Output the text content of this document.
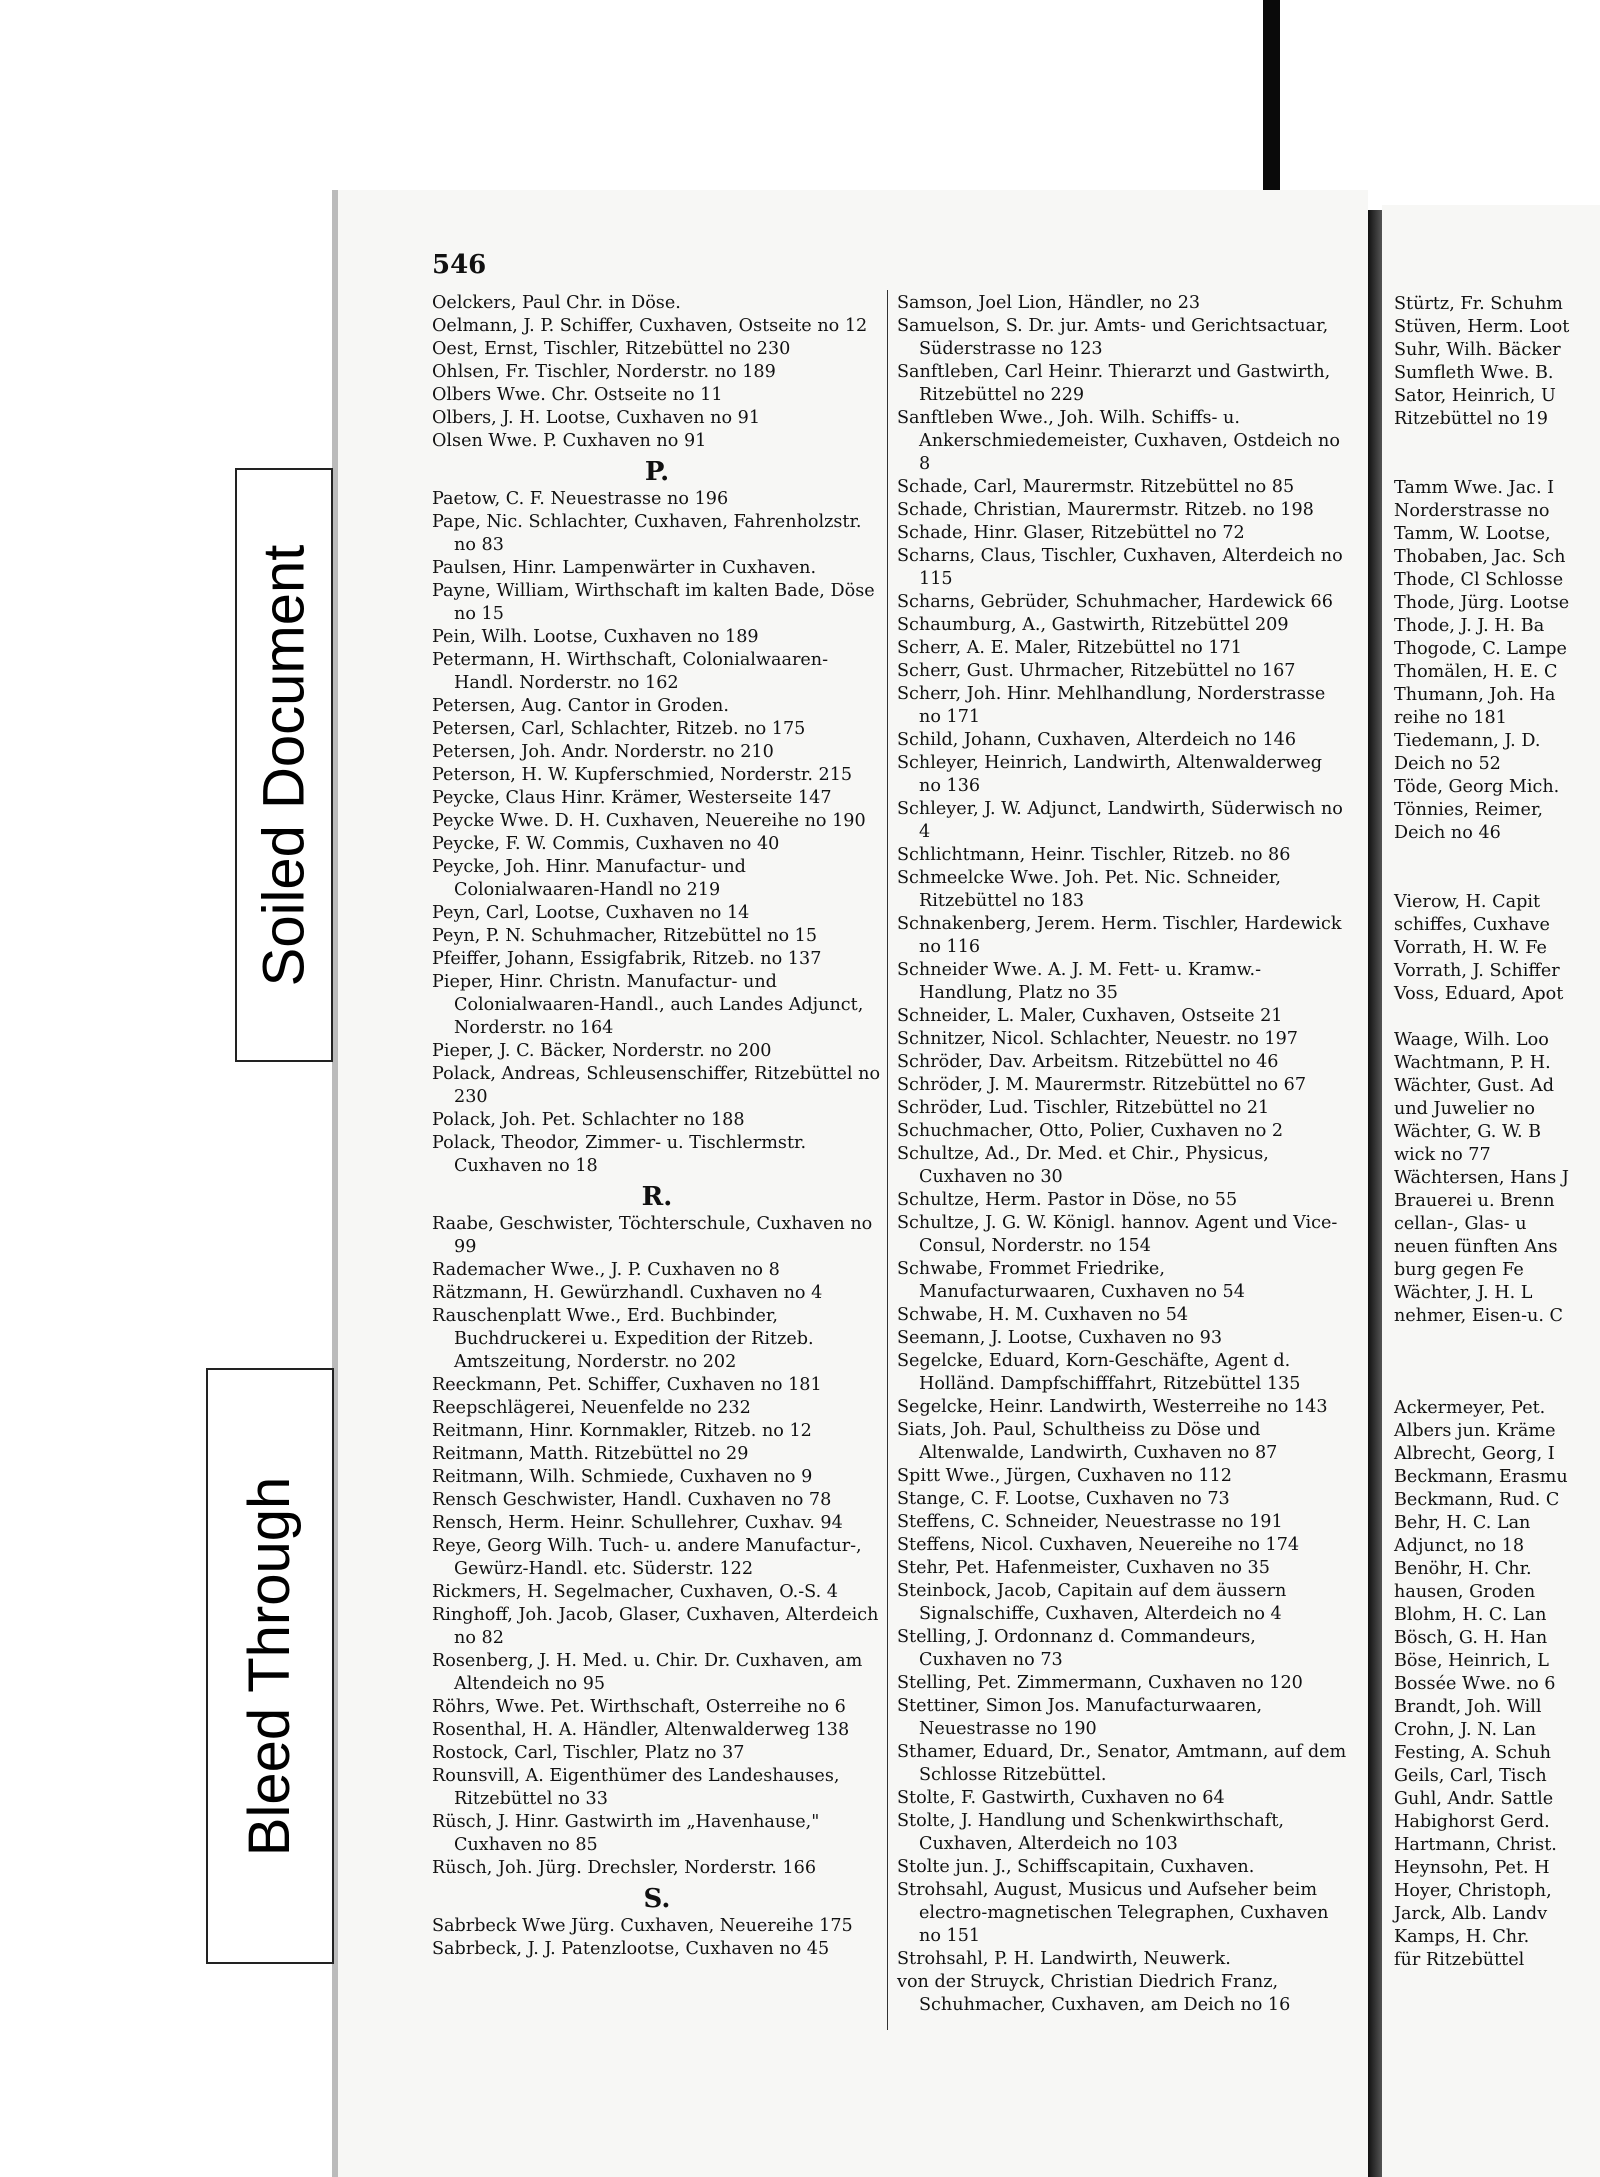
Stürtz, Fr. Schuhm
Stüven, Herm. Loot
Suhr, Wilh. Bäcker
Sumfleth Wwe. B.
Sator, Heinrich, U
Ritzebüttel no 19
Tamm Wwe. Jac. I
Norderstrasse no
Tamm, W. Lootse,
Thobaben, Jac. Sch
Thode, Cl Schlosse
Thode, Jürg. Lootse
Thode, J. J. H. Ba
Thogode, C. Lampe
Thomälen, H. E. C
Thumann, Joh. Ha
reihe no 181
Tiedemann, J. D.
Deich no 52
Töde, Georg Mich.
Tönnies, Reimer,
Deich no 46
Vierow, H. Capit
schiffes, Cuxhave
Vorrath, H. W. Fe
Vorrath, J. Schiffer
Voss, Eduard, Apot
Waage, Wilh. Loo
Wachtmann, P. H.
Wächter, Gust. Ad
und Juwelier no
Wächter, G. W. B
wick no 77
Wächtersen, Hans J
Brauerei u. Brenn
cellan-, Glas- u
neuen fünften Ans
burg gegen Fe
Wächter, J. H. L
nehmer, Eisen-u. C
Ackermeyer, Pet.
Albers jun. Kräme
Albrecht, Georg, I
Beckmann, Erasmu
Beckmann, Rud. C
Behr, H. C. Lan
Adjunct, no 18
Benöhr, H. Chr.
hausen, Groden
Blohm, H. C. Lan
Bösch, G. H. Han
Böse, Heinrich, L
Bossée Wwe. no 6
Brandt, Joh. Will
Crohn, J. N. Lan
Festing, A. Schuh
Geils, Carl, Tisch
Guhl, Andr. Sattle
Habighorst Gerd.
Hartmann, Christ.
Heynsohn, Pet. H
Hoyer, Christoph,
Jarck, Alb. Landv
Kamps, H. Chr.
für Ritzebüttel
Soiled Document
Bleed Through
546
Oelckers, Paul Chr. in Döse.
Oelmann, J. P. Schiffer, Cuxhaven, Ostseite no 12
Oest, Ernst, Tischler, Ritzebüttel no 230
Ohlsen, Fr. Tischler, Norderstr. no 189
Olbers Wwe. Chr. Ostseite no 11
Olbers, J. H. Lootse, Cuxhaven no 91
Olsen Wwe. P. Cuxhaven no 91
P.
Paetow, C. F. Neuestrasse no 196
Pape, Nic. Schlachter, Cuxhaven, Fahrenholzstr. no 83
Paulsen, Hinr. Lampenwärter in Cuxhaven.
Payne, William, Wirthschaft im kalten Bade, Döse no 15
Pein, Wilh. Lootse, Cuxhaven no 189
Petermann, H. Wirthschaft, Colonialwaaren-Handl. Norderstr. no 162
Petersen, Aug. Cantor in Groden.
Petersen, Carl, Schlachter, Ritzeb. no 175
Petersen, Joh. Andr. Norderstr. no 210
Peterson, H. W. Kupferschmied, Norderstr. 215
Peycke, Claus Hinr. Krämer, Westerseite 147
Peycke Wwe. D. H. Cuxhaven, Neuereihe no 190
Peycke, F. W. Commis, Cuxhaven no 40
Peycke, Joh. Hinr. Manufactur- und Colonialwaaren-Handl no 219
Peyn, Carl, Lootse, Cuxhaven no 14
Peyn, P. N. Schuhmacher, Ritzebüttel no 15
Pfeiffer, Johann, Essigfabrik, Ritzeb. no 137
Pieper, Hinr. Christn. Manufactur- und Colonialwaaren-Handl., auch Landes Adjunct, Norderstr. no 164
Pieper, J. C. Bäcker, Norderstr. no 200
Polack, Andreas, Schleusenschiffer, Ritzebüttel no 230
Polack, Joh. Pet. Schlachter no 188
Polack, Theodor, Zimmer- u. Tischlermstr. Cuxhaven no 18
R.
Raabe, Geschwister, Töchterschule, Cuxhaven no 99
Rademacher Wwe., J. P. Cuxhaven no 8
Rätzmann, H. Gewürzhandl. Cuxhaven no 4
Rauschenplatt Wwe., Erd. Buchbinder, Buchdruckerei u. Expedition der Ritzeb. Amtszeitung, Norderstr. no 202
Reeckmann, Pet. Schiffer, Cuxhaven no 181
Reepschlägerei, Neuenfelde no 232
Reitmann, Hinr. Kornmakler, Ritzeb. no 12
Reitmann, Matth. Ritzebüttel no 29
Reitmann, Wilh. Schmiede, Cuxhaven no 9
Rensch Geschwister, Handl. Cuxhaven no 78
Rensch, Herm. Heinr. Schullehrer, Cuxhav. 94
Reye, Georg Wilh. Tuch- u. andere Manufactur-, Gewürz-Handl. etc. Süderstr. 122
Rickmers, H. Segelmacher, Cuxhaven, O.-S. 4
Ringhoff, Joh. Jacob, Glaser, Cuxhaven, Alterdeich no 82
Rosenberg, J. H. Med. u. Chir. Dr. Cuxhaven, am Altendeich no 95
Röhrs, Wwe. Pet. Wirthschaft, Osterreihe no 6
Rosenthal, H. A. Händler, Altenwalderweg 138
Rostock, Carl, Tischler, Platz no 37
Rounsvill, A. Eigenthümer des Landeshauses, Ritzebüttel no 33
Rüsch, J. Hinr. Gastwirth im „Havenhause," Cuxhaven no 85
Rüsch, Joh. Jürg. Drechsler, Norderstr. 166
S.
Sabrbeck Wwe Jürg. Cuxhaven, Neuereihe 175
Sabrbeck, J. J. Patenzlootse, Cuxhaven no 45
Samson, Joel Lion, Händler, no 23
Samuelson, S. Dr. jur. Amts- und Gerichtsactuar, Süderstrasse no 123
Sanftleben, Carl Heinr. Thierarzt und Gastwirth, Ritzebüttel no 229
Sanftleben Wwe., Joh. Wilh. Schiffs- u. Ankerschmiedemeister, Cuxhaven, Ostdeich no 8
Schade, Carl, Maurermstr. Ritzebüttel no 85
Schade, Christian, Maurermstr. Ritzeb. no 198
Schade, Hinr. Glaser, Ritzebüttel no 72
Scharns, Claus, Tischler, Cuxhaven, Alterdeich no 115
Scharns, Gebrüder, Schuhmacher, Hardewick 66
Schaumburg, A., Gastwirth, Ritzebüttel 209
Scherr, A. E. Maler, Ritzebüttel no 171
Scherr, Gust. Uhrmacher, Ritzebüttel no 167
Scherr, Joh. Hinr. Mehlhandlung, Norderstrasse no 171
Schild, Johann, Cuxhaven, Alterdeich no 146
Schleyer, Heinrich, Landwirth, Altenwalderweg no 136
Schleyer, J. W. Adjunct, Landwirth, Süderwisch no 4
Schlichtmann, Heinr. Tischler, Ritzeb. no 86
Schmeelcke Wwe. Joh. Pet. Nic. Schneider, Ritzebüttel no 183
Schnakenberg, Jerem. Herm. Tischler, Hardewick no 116
Schneider Wwe. A. J. M. Fett- u. Kramw.-Handlung, Platz no 35
Schneider, L. Maler, Cuxhaven, Ostseite 21
Schnitzer, Nicol. Schlachter, Neuestr. no 197
Schröder, Dav. Arbeitsm. Ritzebüttel no 46
Schröder, J. M. Maurermstr. Ritzebüttel no 67
Schröder, Lud. Tischler, Ritzebüttel no 21
Schuchmacher, Otto, Polier, Cuxhaven no 2
Schultze, Ad., Dr. Med. et Chir., Physicus, Cuxhaven no 30
Schultze, Herm. Pastor in Döse, no 55
Schultze, J. G. W. Königl. hannov. Agent und Vice-Consul, Norderstr. no 154
Schwabe, Frommet Friedrike, Manufacturwaaren, Cuxhaven no 54
Schwabe, H. M. Cuxhaven no 54
Seemann, J. Lootse, Cuxhaven no 93
Segelcke, Eduard, Korn-Geschäfte, Agent d. Holländ. Dampfschifffahrt, Ritzebüttel 135
Segelcke, Heinr. Landwirth, Westerreihe no 143
Siats, Joh. Paul, Schultheiss zu Döse und Altenwalde, Landwirth, Cuxhaven no 87
Spitt Wwe., Jürgen, Cuxhaven no 112
Stange, C. F. Lootse, Cuxhaven no 73
Steffens, C. Schneider, Neuestrasse no 191
Steffens, Nicol. Cuxhaven, Neuereihe no 174
Stehr, Pet. Hafenmeister, Cuxhaven no 35
Steinbock, Jacob, Capitain auf dem äussern Signalschiffe, Cuxhaven, Alterdeich no 4
Stelling, J. Ordonnanz d. Commandeurs, Cuxhaven no 73
Stelling, Pet. Zimmermann, Cuxhaven no 120
Stettiner, Simon Jos. Manufacturwaaren, Neuestrasse no 190
Sthamer, Eduard, Dr., Senator, Amtmann, auf dem Schlosse Ritzebüttel.
Stolte, F. Gastwirth, Cuxhaven no 64
Stolte, J. Handlung und Schenkwirthschaft, Cuxhaven, Alterdeich no 103
Stolte jun. J., Schiffscapitain, Cuxhaven.
Strohsahl, August, Musicus und Aufseher beim electro-magnetischen Telegraphen, Cuxhaven no 151
Strohsahl, P. H. Landwirth, Neuwerk.
von der Struyck, Christian Diedrich Franz, Schuhmacher, Cuxhaven, am Deich no 16
